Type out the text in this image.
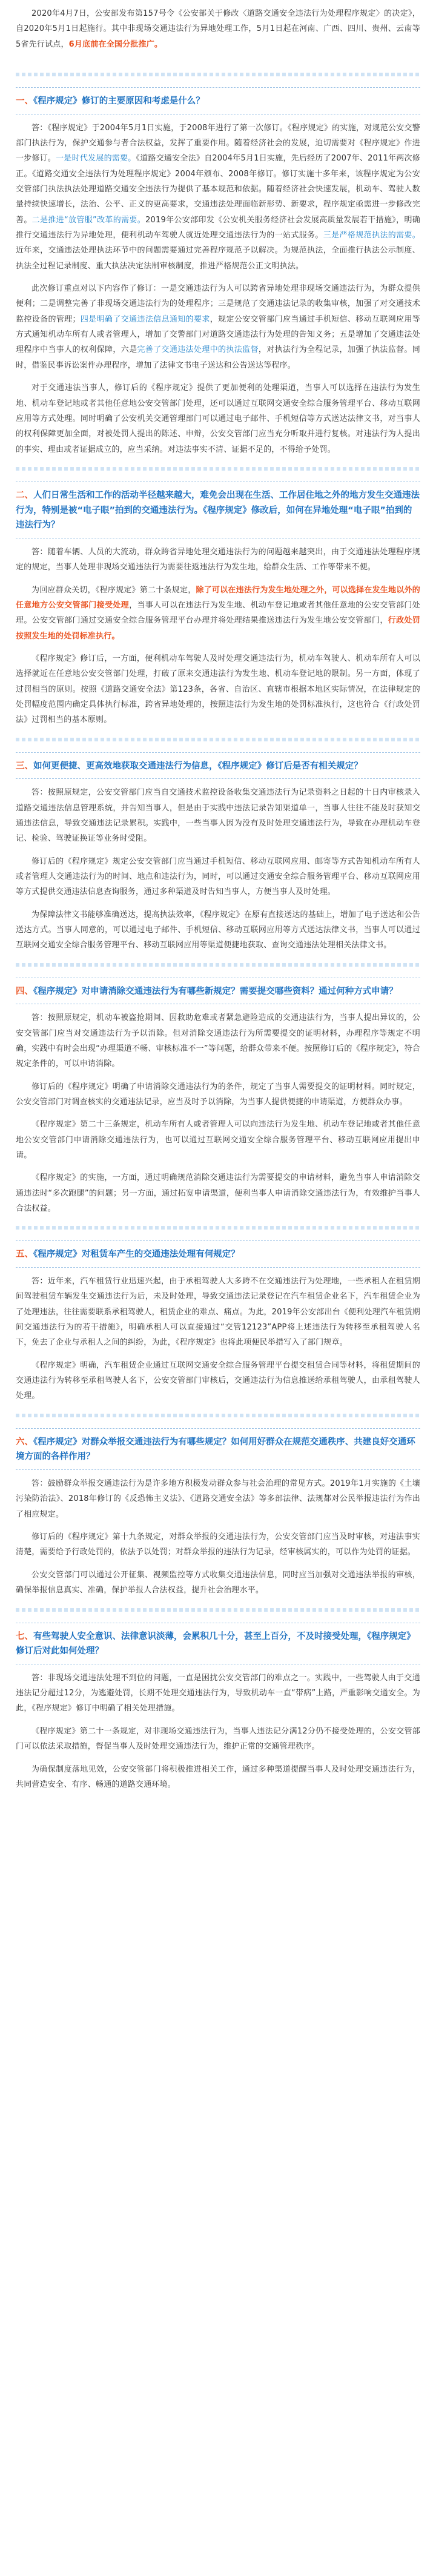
2020年4月7日，公安部发布第157号令《公安部关于修改〈道路交通安全违法行为处理程序规定〉的决定》，自2020年5月1日起施行。其中非现场交通违法行为异地处理工作，5月1日起在河南、广西、四川、贵州、云南等5省先行试点，6月底前在全国分批推广。

一、《程序规定》修订的主要原因和考虑是什么？

答：《程序规定》于2004年5月1日实施，于2008年进行了第一次修订。《程序规定》的实施，对规范公安交警部门执法行为，保护交通参与者合法权益，发挥了重要作用。随着经济社会的发展，迫切需要对《程序规定》作进一步修订。一是时代发展的需要。《道路交通安全法》自2004年5月1日实施，先后经历了2007年、2011年两次修正。《道路交通安全违法行为处理程序规定》2004年颁布、2008年修订。修订实施十多年来，该程序规定为公安交管部门执法执法处理道路交通安全违法行为提供了基本规范和依据。随着经济社会快速发展，机动车、驾驶人数量持续快速增长，法治、公平、正义的更高要求，交通违法处理面临新形势、新要求，程序规定亟需进一步修改完善。二是推进“放管服”改革的需要。2019年公安部印发《公安机关服务经济社会发展高质量发展若干措施》，明确推行交通违法行为异地处理，便利机动车驾驶人就近处理交通违法行为的一站式服务。三是严格规范执法的需要。近年来，交通违法处理执法环节中的问题需要通过完善程序规范予以解决。为规范执法，全面推行执法公示制度、执法全过程记录制度、重大执法决定法制审核制度，推进严格规范公正文明执法。

此次修订重点对以下内容作了修订：一是交通违法行为人可以跨省异地处理非现场交通违法行为，为群众提供便利；二是调整完善了非现场交通违法行为的处理程序；三是规范了交通违法记录的收集审核，加强了对交通技术监控设备的管理；四是明确了交通违法信息通知的要求，规定公安交管部门应当通过手机短信、移动互联网应用等方式通知机动车所有人或者管理人，增加了交警部门对道路交通违法行为处理的告知义务；五是增加了交通违法处理程序中当事人的权利保障，六是完善了交通违法处理中的执法监督，对执法行为全程记录，加强了执法监督。同时，借鉴民事诉讼案件办理程序，增加了法律文书电子送达和公告送达等程序。

对于交通违法当事人，修订后的《程序规定》提供了更加便利的处理渠道，当事人可以选择在违法行为发生地、机动车登记地或者其他任意地公安交管部门处理，还可以通过互联网交通安全综合服务管理平台、移动互联网应用等方式处理。同时明确了公安机关交通管理部门可以通过电子邮件、手机短信等方式送达法律文书，对当事人的权利保障更加全面，对被处罚人提出的陈述、申辩，公安交管部门应当充分听取并进行复核。对违法行为人提出的事实、理由或者证据成立的，应当采纳。对违法事实不清、证据不足的，不得给予处罚。

二、人们日常生活和工作的活动半径越来越大，难免会出现在生活、工作居住地之外的地方发生交通违法行为，特别是被“电子眼”拍到的交通违法行为。《程序规定》修改后，如何在异地处理“电子眼”拍到的违法行为？

答：随着车辆、人员的大流动，群众跨省异地处理交通违法行为的问题越来越突出，由于交通违法处理程序规定的规定，当事人处理非现场交通违法行为需要往返违法行为发生地，给群众生活、工作等带来不便。

为回应群众关切，《程序规定》第二十条规定，除了可以在违法行为发生地处理之外，可以选择在发生地以外的任意地方公安交管部门接受处理，当事人可以在违法行为发生地、机动车登记地或者其他任意地的公安交管部门处理。公安交管部门通过交通安全综合服务管理平台办理并将处理结果推送违法行为发生地公安交管部门，行政处罚按照发生地的处罚标准执行。

《程序规定》修订后，一方面，便利机动车驾驶人及时处理交通违法行为，机动车驾驶人、机动车所有人可以选择就近在任意地公安交管部门处理，打破了原来交通违法行为发生地、机动车登记地的限制。另一方面，体现了过罚相当的原则。按照《道路交通安全法》第123条，各省、自治区、直辖市根据本地区实际情况，在法律规定的处罚幅度范围内确定具体执行标准，跨省异地处理的，按照违法行为发生地的处罚标准执行，这也符合《行政处罚法》过罚相当的基本原则。

三、如何更便捷、更高效地获取交通违法行为信息，《程序规定》修订后是否有相关规定？

答：按照原规定，公安交管部门应当自交通技术监控设备收集交通违法行为记录资料之日起的十日内审核录入道路交通违法信息管理系统，并告知当事人，但是由于实践中违法记录告知渠道单一，当事人往往不能及时获知交通违法信息，导致交通违法记录累积。实践中，一些当事人因为没有及时处理交通违法行为，导致在办理机动车登记、检验、驾驶证换证等业务时受阻。

修订后的《程序规定》规定公安交管部门应当通过手机短信、移动互联网应用、邮寄等方式告知机动车所有人或者管理人交通违法行为的时间、地点和违法行为，同时，可以通过交通安全综合服务管理平台、移动互联网应用等方式提供交通违法信息查询服务，通过多种渠道及时告知当事人，方便当事人及时处理。

为保障法律文书能够准确送达，提高执法效率，《程序规定》在原有直接送达的基础上，增加了电子送达和公告送达方式。当事人同意的，可以通过电子邮件、手机短信、移动互联网应用等方式送达法律文书，当事人可以通过互联网交通安全综合服务管理平台、移动互联网应用等渠道便捷地获取、查询交通违法处理相关法律文书。

四、《程序规定》对申请消除交通违法行为有哪些新规定？需要提交哪些资料？通过何种方式申请？

答：按照原规定，机动车被盗抢期间、因救助危难或者紧急避险造成的交通违法行为，当事人提出异议的，公安交管部门应当对交通违法行为予以消除。但对消除交通违法行为所需要提交的证明材料，办理程序等规定不明确，实践中有时会出现“办理渠道不畅、审核标准不一”等问题，给群众带来不便。按照修订后的《程序规定》，符合规定条件的，可以申请消除。

修订后的《程序规定》明确了申请消除交通违法行为的条件，规定了当事人需要提交的证明材料。同时规定，公安交管部门对调查核实的交通违法记录，应当及时予以消除，为当事人提供便捷的申请渠道，方便群众办事。

《程序规定》第二十三条规定，机动车所有人或者管理人可以向违法行为发生地、机动车登记地或者其他任意地公安交管部门申请消除交通违法行为，也可以通过互联网交通安全综合服务管理平台、移动互联网应用提出申请。

《程序规定》的实施，一方面，通过明确规范消除交通违法行为需要提交的申请材料，避免当事人申请消除交通违法时“多次跑腿”的问题；另一方面，通过拓宽申请渠道，便利当事人申请消除交通违法行为，有效维护当事人合法权益。

五、《程序规定》对租赁车产生的交通违法处理有何规定？

答：近年来，汽车租赁行业迅速兴起，由于承租驾驶人大多跨不在交通违法行为处理地，一些承租人在租赁期间驾驶租赁车辆发生交通违法行为后，未及时处理，导致交通违法记录登记在汽车租赁企业名下，汽车租赁企业为了处理违法，往往需要联系承租驾驶人，租赁企业的难点、痛点。为此，2019年公安部出台《便利处理汽车租赁期间交通违法行为的若干措施》，明确承租人可以直接通过“交管12123”APP将上述违法行为转移至承租驾驶人名下，免去了企业与承租人之间的纠纷，为此，《程序规定》也将此项便民举措写入了部门规章。

《程序规定》明确，汽车租赁企业通过互联网交通安全综合服务管理平台提交租赁合同等材料，将租赁期间的交通违法行为转移至承租驾驶人名下，公安交管部门审核后，交通违法行为信息推送给承租驾驶人，由承租驾驶人处理。

六、《程序规定》对群众举报交通违法行为有哪些规定？如何用好群众在规范交通秩序、共建良好交通环境方面的各样作用？

答：鼓励群众举报交通违法行为是许多地方积极发动群众参与社会治理的常见方式。2019年1月实施的《土壤污染防治法》、2018年修订的《反恐怖主义法》、《道路交通安全法》等多部法律、法规都对公民举报违法行为作出了相应规定。

修订后的《程序规定》第十九条规定，对群众举报的交通违法行为，公安交管部门应当及时审核，对违法事实清楚，需要给予行政处罚的，依法予以处罚；对群众举报的违法行为记录，经审核属实的，可以作为处罚的证据。

公安交管部门可以通过公开征集、视频监控等方式收集交通违法信息，同时应当加强对交通违法举报的审核，确保举报信息真实、准确，保护举报人合法权益，提升社会治理水平。

七、有些驾驶人安全意识、法律意识淡薄，会累积几十分，甚至上百分，不及时接受处理，《程序规定》修订后对此如何处理？

答：非现场交通违法处理不到位的问题，一直是困扰公安交管部门的难点之一。实践中，一些驾驶人由于交通违法记分超过12分，为逃避处罚，长期不处理交通违法行为，导致机动车一直“带病”上路，严重影响交通安全。为此，《程序规定》修订中明确了相关处理措施。

《程序规定》第二十一条规定，对非现场交通违法行为，当事人违法记分满12分仍不接受处理的，公安交管部门可以依法采取措施，督促当事人及时处理交通违法行为，维护正常的交通管理秩序。

为确保制度落地见效，公安交管部门将积极推进相关工作，通过多种渠道提醒当事人及时处理交通违法行为，共同营造安全、有序、畅通的道路交通环境。
